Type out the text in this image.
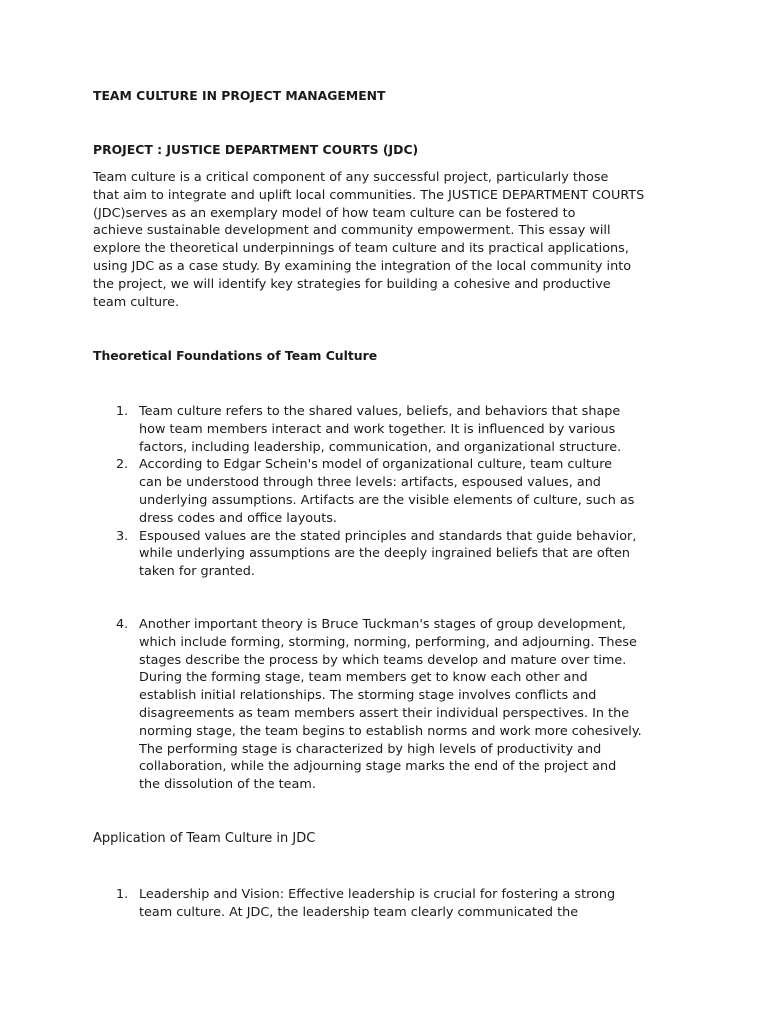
TEAM CULTURE IN PROJECT MANAGEMENT
PROJECT : JUSTICE DEPARTMENT COURTS (JDC)
Team culture is a critical component of any successful project, particularly those
that aim to integrate and uplift local communities. The JUSTICE DEPARTMENT COURTS
(JDC)serves as an exemplary model of how team culture can be fostered to
achieve sustainable development and community empowerment. This essay will
explore the theoretical underpinnings of team culture and its practical applications,
using JDC as a case study. By examining the integration of the local community into
the project, we will identify key strategies for building a cohesive and productive
team culture.
Theoretical Foundations of Team Culture
1. Team culture refers to the shared values, beliefs, and behaviors that shape
how team members interact and work together. It is influenced by various
factors, including leadership, communication, and organizational structure.
2. According to Edgar Schein's model of organizational culture, team culture
can be understood through three levels: artifacts, espoused values, and
underlying assumptions. Artifacts are the visible elements of culture, such as
dress codes and office layouts.
3. Espoused values are the stated principles and standards that guide behavior,
while underlying assumptions are the deeply ingrained beliefs that are often
taken for granted.
4. Another important theory is Bruce Tuckman's stages of group development,
which include forming, storming, norming, performing, and adjourning. These
stages describe the process by which teams develop and mature over time.
During the forming stage, team members get to know each other and
establish initial relationships. The storming stage involves conflicts and
disagreements as team members assert their individual perspectives. In the
norming stage, the team begins to establish norms and work more cohesively.
The performing stage is characterized by high levels of productivity and
collaboration, while the adjourning stage marks the end of the project and
the dissolution of the team.
Application of Team Culture in JDC
1. Leadership and Vision: Effective leadership is crucial for fostering a strong
team culture. At JDC, the leadership team clearly communicated the
